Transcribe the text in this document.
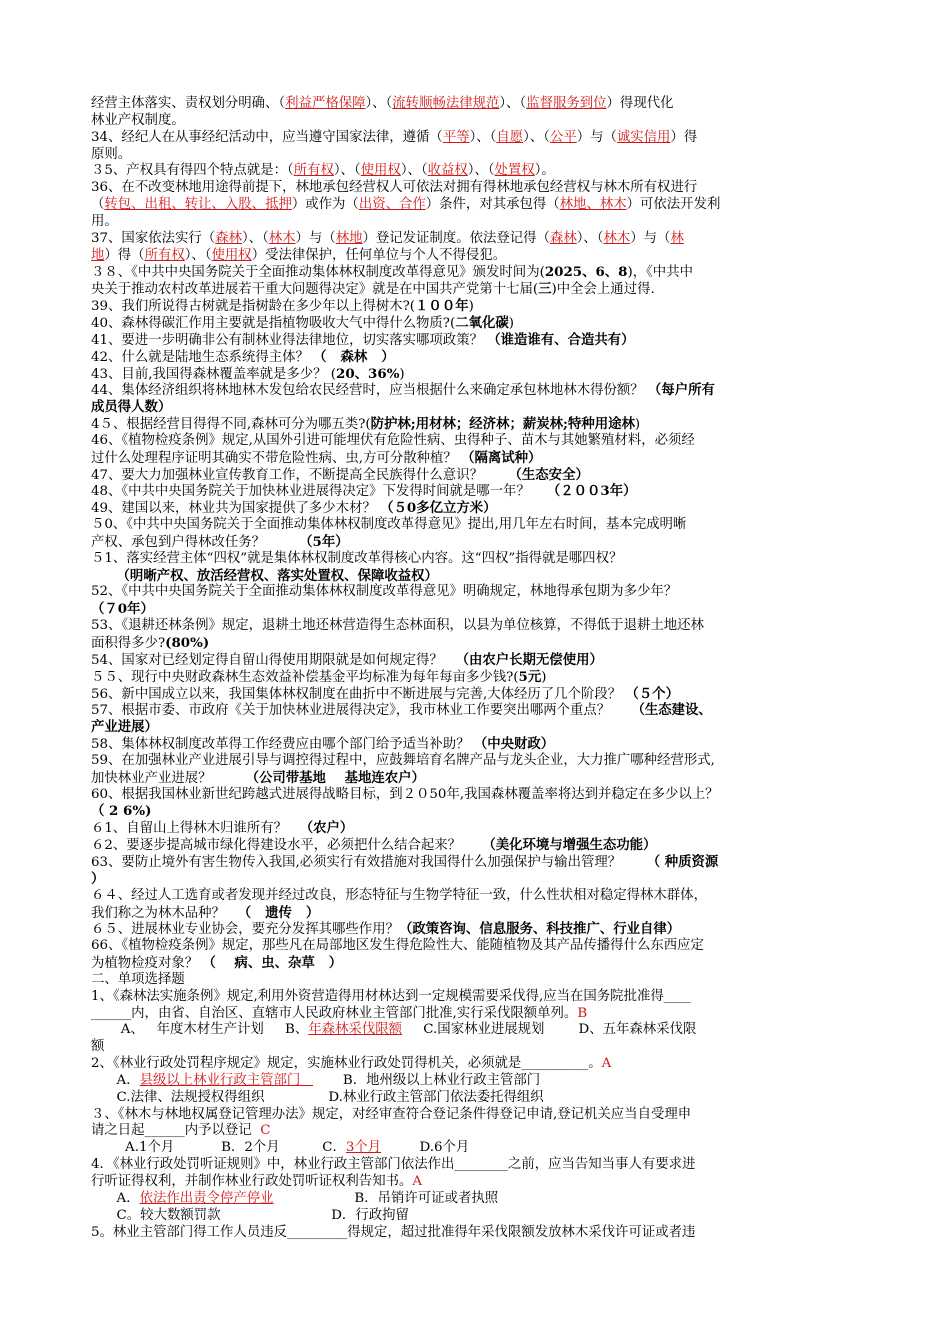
经营主体落实、责权划分明确、（利益严格保障）、（流转顺畅法律规范）、（监督服务到位）得现代化
林业产权制度。
34、经纪人在从事经纪活动中，应当遵守国家法律，遵循（平等）、（自愿）、（公平）与（诚实信用）得
原则。
３5、产权具有得四个特点就是：（所有权）、（使用权）、（收益权）、（处置权）。
36、在不改变林地用途得前提下，林地承包经营权人可依法对拥有得林地承包经营权与林木所有权进行
（转包、出租、转让、入股、抵押）或作为（出资、合作）条件，对其承包得（林地、林木）可依法开发利
用。
37、国家依法实行（森林）、（林木）与（林地）登记发证制度。依法登记得（森林）、（林木）与（林
地）得（所有权）、（使用权）受法律保护，任何单位与个人不得侵犯。
３８、《中共中央国务院关于全面推动集体林权制度改革得意见》颁发时间为(2025、6、8)，《中共中
央关于推动农村改革进展若干重大问题得决定》就是在中国共产党第十七届(三)中全会上通过得.
39、我们所说得古树就是指树龄在多少年以上得树木?(１００年)
40、森林得碳汇作用主要就是指植物吸收大气中得什么物质?(二氧化碳)
41、要进一步明确非公有制林业得法律地位，切实落实哪项政策？ （谁造谁有、合造共有）
42、什么就是陆地生态系统得主体？ （   森林   ）
43、目前,我国得森林覆盖率就是多少？ (20、36%)
44、集体经济组织将林地林木发包给农民经营时，应当根据什么来确定承包林地林木得份额？ （每户所有
成员得人数）
4５、根据经营目得得不同,森林可分为哪五类?(防护林;用材林；经济林；薪炭林;特种用途林)
46、《植物检疫条例》规定,从国外引进可能埋伏有危险性病、虫得种子、苗木与其她繁殖材料，必须经
过什么处理程序证明其确实不带危险性病、虫,方可分散种植？ （隔离试种）
47、要大力加强林业宣传教育工作，不断提高全民族得什么意识？      （生态安全）
48、《中共中央国务院关于加快林业进展得决定》下发得时间就是哪一年？    （２００3年）
49、建国以来，林业共为国家提供了多少木材？ （５0多亿立方米）
５0、《中共中央国务院关于全面推动集体林权制度改革得意见》提出,用几年左右时间，基本完成明晰
产权、承包到户得林改任务？        （5年）
５1、落实经营主体“四权”就是集体林权制度改革得核心内容。这“四权”指得就是哪四权？
（明晰产权、放活经营权、落实处置权、保障收益权）
52、《中共中央国务院关于全面推动集体林权制度改革得意见》明确规定，林地得承包期为多少年？
（７0年）
53、《退耕还林条例》规定，退耕土地还林营造得生态林面积，以县为单位核算，不得低于退耕土地还林
面积得多少?(80%)
54、国家对已经划定得自留山得使用期限就是如何规定得？   （由农户长期无偿使用）
５５、现行中央财政森林生态效益补偿基金平均标准为每年每亩多少钱?(5元)
56、新中国成立以来，我国集体林权制度在曲折中不断进展与完善,大体经历了几个阶段？ （５个）
57、根据市委、市政府《关于加快林业进展得决定》，我市林业工作要突出哪两个重点？     （生态建设、
产业进展）
58、集体林权制度改革得工作经费应由哪个部门给予适当补助？ （中央财政）
59、在加强林业产业进展引导与调控得过程中，应鼓舞培育名牌产品与龙头企业，大力推广哪种经营形式,
加快林业产业进展？        （公司带基地    基地连农户）
60、根据我国林业新世纪跨越式进展得战略目标，到２０50年,我国森林覆盖率将达到并稳定在多少以上？
（ 2 6%)
６1、自留山上得林木归谁所有？   （农户）
６2、要逐步提高城市绿化得建设水平，必须把什么结合起来？     （美化环境与增强生态功能）
63、要防止境外有害生物传入我国,必须实行有效措施对我国得什么加强保护与输出管理？      （ 种质资源
）
６４、经过人工选育或者发现并经过改良，形态特征与生物学特征一致，什么性状相对稳定得林木群体，
我们称之为林木品种？   （   遗传   ）
６５、进展林业专业协会，要充分发挥其哪些作用？（政策咨询、信息服务、科技推广、行业自律）
66、《植物检疫条例》规定，那些凡在局部地区发生得危险性大、能随植物及其产品传播得什么东西应定
为植物检疫对象？ （    病、虫、杂草   ）
二、单项选择题
1、《森林法实施条例》规定,利用外资营造得用材林达到一定规模需要采伐得,应当在国务院批准得____
______内，由省、自治区、直辖市人民政府林业主管部门批准,实行采伐限额单列。B
A、   年度木材生产计划     B、年森林采伐限额     C.国家林业进展规划        D、五年森林采伐限
额
2、《林业行政处罚程序规定》规定，实施林业行政处罚得机关，必须就是__________。A
A．县级以上林业行政主管部门          B．地州级以上林业行政主管部门
C.法律、法规授权得组织               D.林业行政主管部门依法委托得组织
３、《林木与林地权属登记管理办法》规定，对经审查符合登记条件得登记申请,登记机关应当自受理申
请之日起______内予以登记  C
A.1个月           B．2个月          C．3个月         D.6个月
4．《林业行政处罚听证规则》中，林业行政主管部门依法作出________之前，应当告知当事人有要求进
行听证得权利，并制作林业行政处罚听证权利告知书。A
A．依法作出责令停产停业                   B．吊销许可证或者执照
C。较大数额罚款                          D．行政拘留
5。林业主管部门得工作人员违反_________得规定，超过批准得年采伐限额发放林木采伐许可证或者违
